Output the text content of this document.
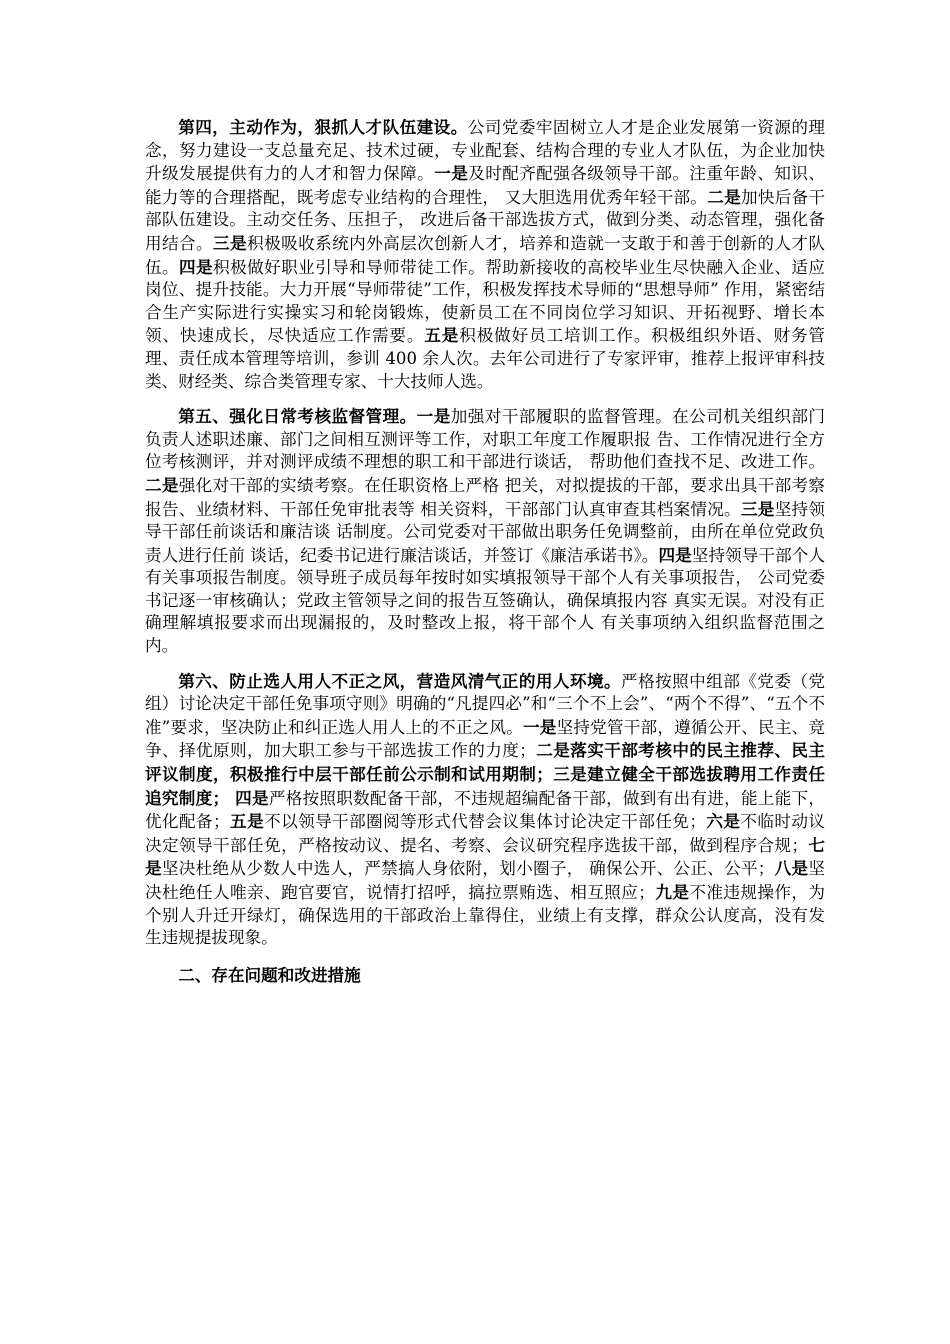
第四，主动作为，狠抓人才队伍建设。公司党委牢固树立人才是企业发展第一资源的理念，努力建设一支总量充足、技术过硬，专业配套、结构合理的专业人才队伍，为企业加快升级发展提供有力的人才和智力保障。一是及时配齐配强各级领导干部。注重年龄、知识、能力等的合理搭配，既考虑专业结构的合理性， 又大胆选用优秀年轻干部。二是加快后备干部队伍建设。主动交任务、压担子， 改进后备干部选拔方式，做到分类、动态管理，强化备用结合。三是积极吸收系统内外高层次创新人才，培养和造就一支敢于和善于创新的人才队伍。四是积极做好职业引导和导师带徒工作。帮助新接收的高校毕业生尽快融入企业、适应岗位、提升技能。大力开展“导师带徒”工作，积极发挥技术导师的“思想导师” 作用，紧密结合生产实际进行实操实习和轮岗锻炼，使新员工在不同岗位学习知识、开拓视野、增长本领、快速成长，尽快适应工作需要。五是积极做好员工培训工作。积极组织外语、财务管理、责任成本管理等培训，参训 400 余人次。去年公司进行了专家评审，推荐上报评审科技类、财经类、综合类管理专家、十大技师人选。

第五、强化日常考核监督管理。一是加强对干部履职的监督管理。在公司机关组织部门负责人述职述廉、部门之间相互测评等工作，对职工年度工作履职报 告、工作情况进行全方位考核测评，并对测评成绩不理想的职工和干部进行谈话， 帮助他们查找不足、改进工作。二是强化对干部的实绩考察。在任职资格上严格 把关，对拟提拔的干部，要求出具干部考察报告、业绩材料、干部任免审批表等 相关资料，干部部门认真审查其档案情况。三是坚持领导干部任前谈话和廉洁谈 话制度。公司党委对干部做出职务任免调整前，由所在单位党政负责人进行任前 谈话，纪委书记进行廉洁谈话，并签订《廉洁承诺书》。四是坚持领导干部个人 有关事项报告制度。领导班子成员每年按时如实填报领导干部个人有关事项报告， 公司党委书记逐一审核确认；党政主管领导之间的报告互签确认，确保填报内容 真实无误。对没有正确理解填报要求而出现漏报的，及时整改上报，将干部个人 有关事项纳入组织监督范围之内。

第六、防止选人用人不正之风，营造风清气正的用人环境。严格按照中组部《党委（党组）讨论决定干部任免事项守则》明确的“凡提四必”和“三个不上会”、“两个不得”、“五个不准”要求，坚决防止和纠正选人用人上的不正之风。一是坚持党管干部，遵循公开、民主、竞争、择优原则，加大职工参与干部选拔工作的力度；二是落实干部考核中的民主推荐、民主评议制度，积极推行中层干部任前公示制和试用期制；三是建立健全干部选拔聘用工作责任追究制度； 四是严格按照职数配备干部，不违规超编配备干部，做到有出有进，能上能下， 优化配备；五是不以领导干部圈阅等形式代替会议集体讨论决定干部任免；六是不临时动议决定领导干部任免，严格按动议、提名、考察、会议研究程序选拔干部，做到程序合规；七是坚决杜绝从少数人中选人，严禁搞人身依附，划小圈子， 确保公开、公正、公平；八是坚决杜绝任人唯亲、跑官要官，说情打招呼，搞拉票贿选、相互照应；九是不准违规操作，为个别人升迁开绿灯，确保选用的干部政治上靠得住，业绩上有支撑，群众公认度高，没有发生违规提拔现象。

二、存在问题和改进措施
